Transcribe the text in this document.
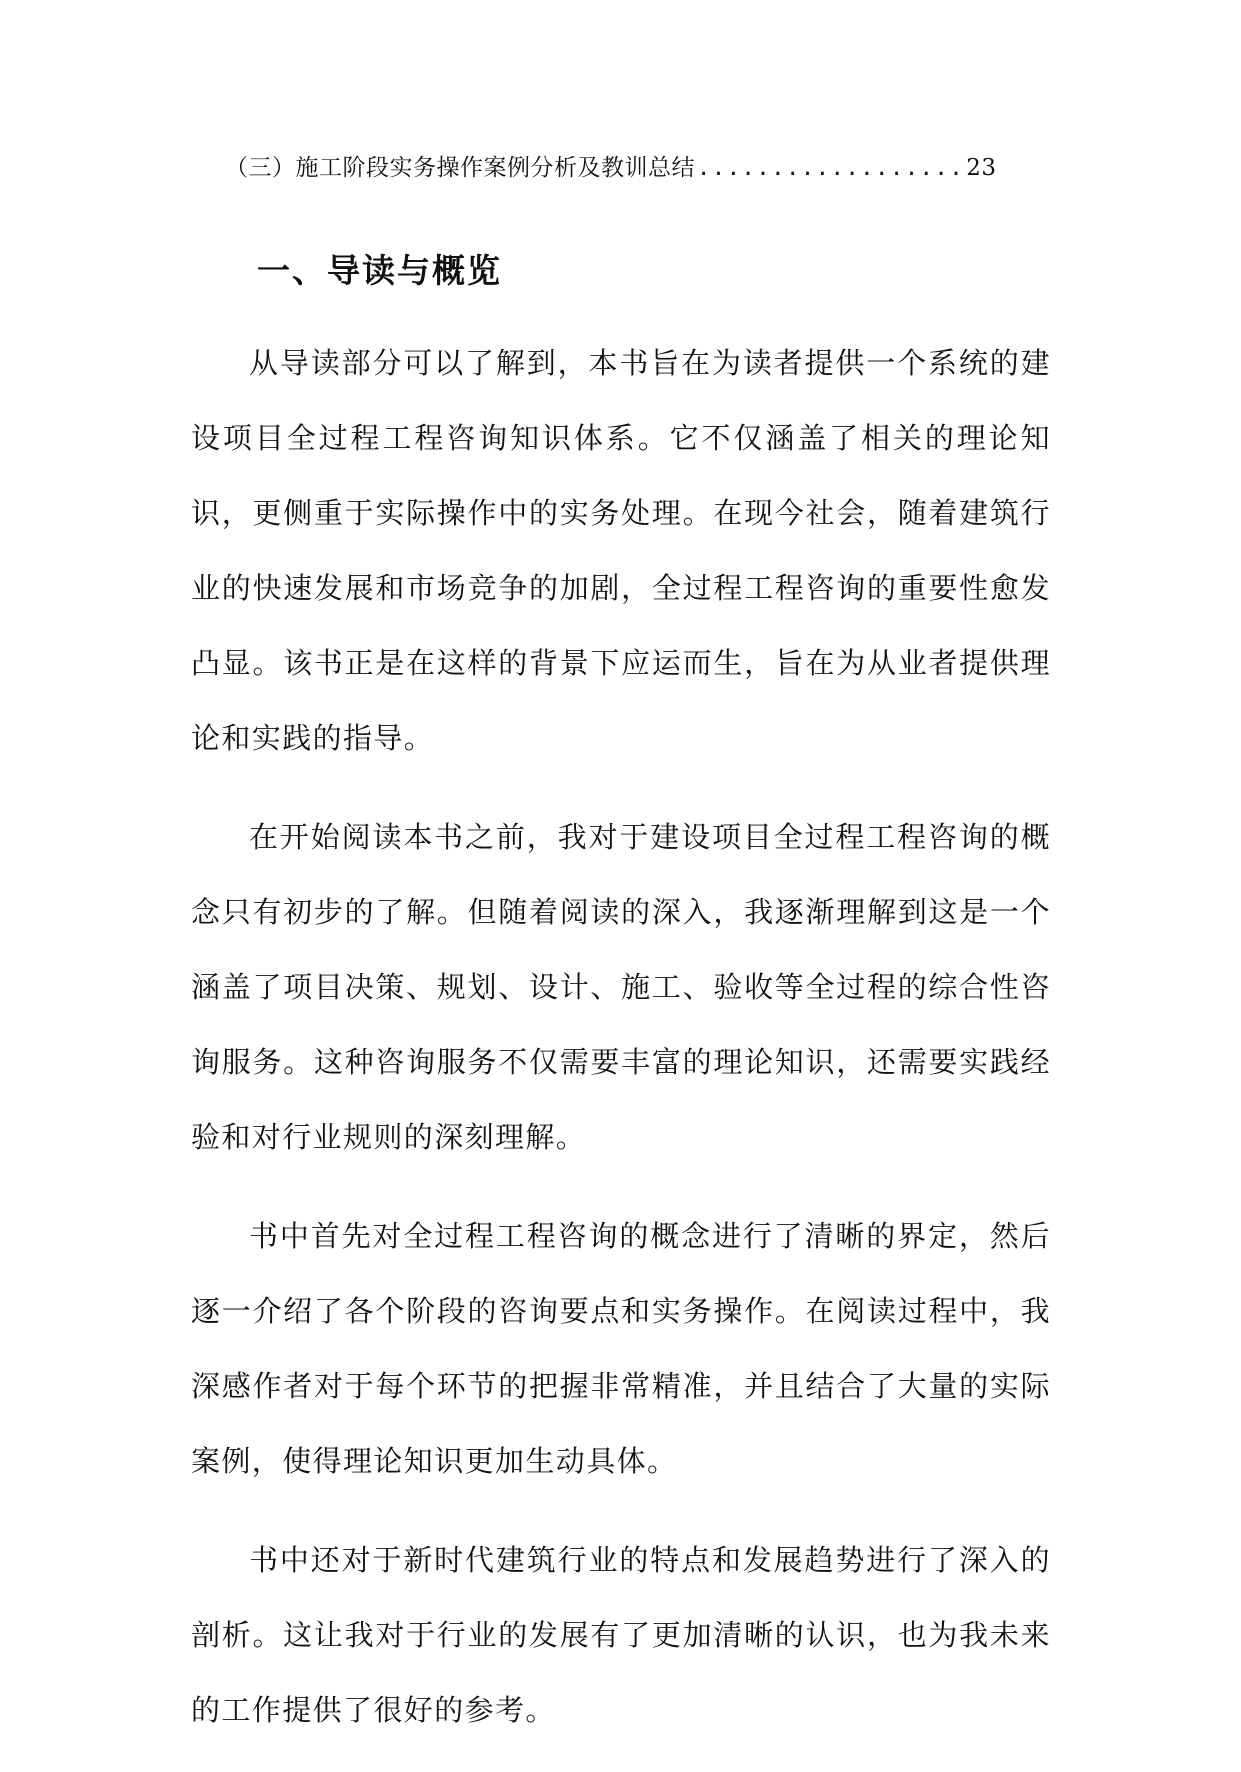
（三）施工阶段实务操作案例分析及教训总结 .................. 23
一、导读与概览

从导读部分可以了解到，本书旨在为读者提供一个系统的建设项目全过程工程咨询知识体系。它不仅涵盖了相关的理论知识，更侧重于实际操作中的实务处理。在现今社会，随着建筑行业的快速发展和市场竞争的加剧，全过程工程咨询的重要性愈发凸显。该书正是在这样的背景下应运而生，旨在为从业者提供理论和实践的指导。

在开始阅读本书之前，我对于建设项目全过程工程咨询的概念只有初步的了解。但随着阅读的深入，我逐渐理解到这是一个涵盖了项目决策、规划、设计、施工、验收等全过程的综合性咨询服务。这种咨询服务不仅需要丰富的理论知识，还需要实践经验和对行业规则的深刻理解。

书中首先对全过程工程咨询的概念进行了清晰的界定，然后逐一介绍了各个阶段的咨询要点和实务操作。在阅读过程中，我深感作者对于每个环节的把握非常精准，并且结合了大量的实际案例，使得理论知识更加生动具体。

书中还对于新时代建筑行业的特点和发展趋势进行了深入的剖析。这让我对于行业的发展有了更加清晰的认识，也为我未来的工作提供了很好的参考。
